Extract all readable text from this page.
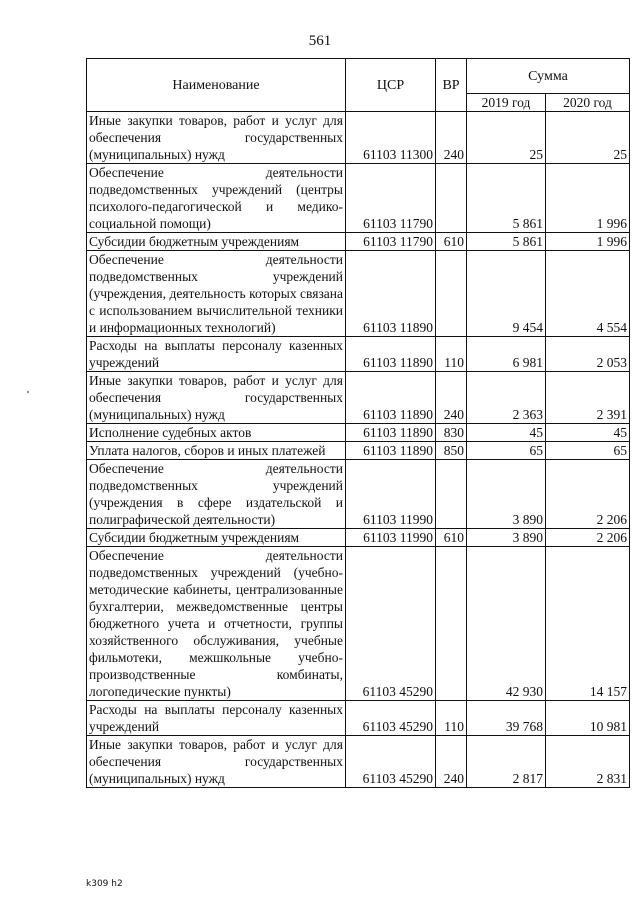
561
Наименование	ЦСР	ВР	Сумма	
			2019 год	2020 год
Иные закупки товаров, работ и услуг для обеспечения государственных (муниципальных) нужд	61103 11300	240	25	25
Обеспечение деятельности подведомственных учреждений (центры психолого-педагогической и медико-социальной помощи)	61103 11790		5 861	1 996
Субсидии бюджетным учреждениям	61103 11790	610	5 861	1 996
Обеспечение деятельности подведомственных учреждений (учреждения, деятельность которых связана с использованием вычислительной техники и информационных технологий)	61103 11890		9 454	4 554
Расходы на выплаты персоналу казенных учреждений	61103 11890	110	6 981	2 053
Иные закупки товаров, работ и услуг для обеспечения государственных (муниципальных) нужд	61103 11890	240	2 363	2 391
Исполнение судебных актов	61103 11890	830	45	45
Уплата налогов, сборов и иных платежей	61103 11890	850	65	65
Обеспечение деятельности подведомственных учреждений (учреждения в сфере издательской и полиграфической деятельности)	61103 11990		3 890	2 206
Субсидии бюджетным учреждениям	61103 11990	610	3 890	2 206
Обеспечение деятельности подведомственных учреждений (учебно-методические кабинеты, централизованные бухгалтерии, межведомственные центры бюджетного учета и отчетности, группы хозяйственного обслуживания, учебные фильмотеки, межшкольные учебно-производственные комбинаты, логопедические пункты)	61103 45290		42 930	14 157
Расходы на выплаты персоналу казенных учреждений	61103 45290	110	39 768	10 981
Иные закупки товаров, работ и услуг для обеспечения государственных (муниципальных) нужд	61103 45290	240	2 817	2 831
k309 h2
